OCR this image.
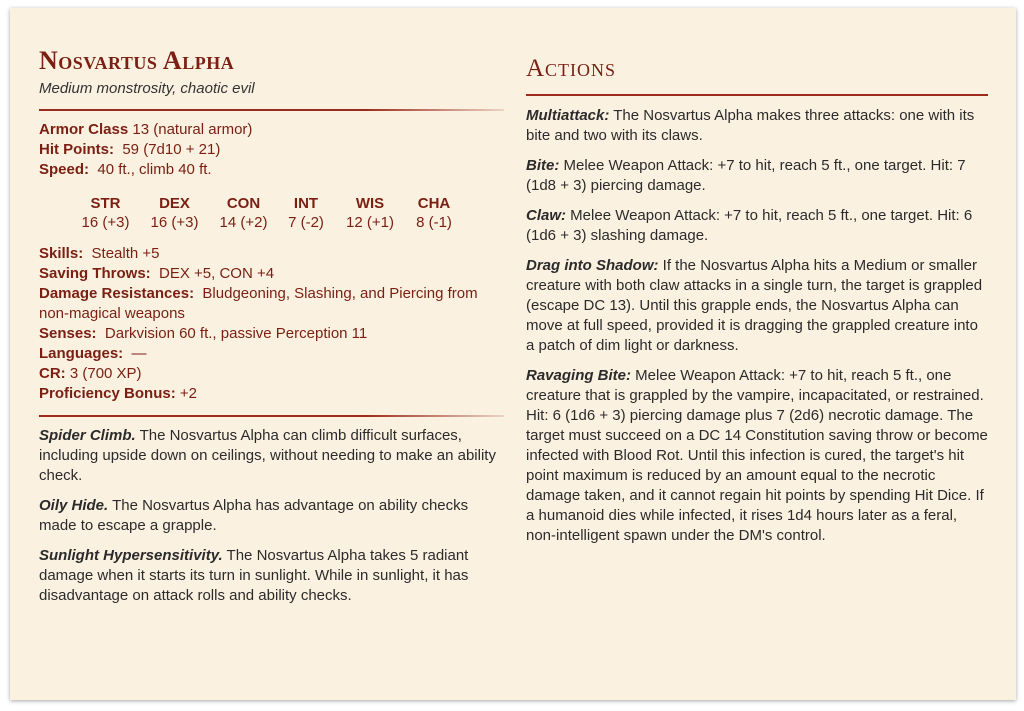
Nosvartus Alpha
Medium monstrosity, chaotic evil
Armor Class 13 (natural armor)
Hit Points: 59 (7d10 + 21)
Speed: 40 ft., climb 40 ft.
STR
16 (+3)
DEX
16 (+3)
CON
14 (+2)
INT
7 (-2)
WIS
12 (+1)
CHA
8 (-1)
Skills: Stealth +5
Saving Throws: DEX +5, CON +4
Damage Resistances: Bludgeoning, Slashing, and Piercing from non-magical weapons
Senses: Darkvision 60 ft., passive Perception 11
Languages: —
CR: 3 (700 XP)
Proficiency Bonus: +2
Spider Climb. The Nosvartus Alpha can climb difficult surfaces, including upside down on ceilings, without needing to make an ability check.
Oily Hide. The Nosvartus Alpha has advantage on ability checks made to escape a grapple.
Sunlight Hypersensitivity. The Nosvartus Alpha takes 5 radiant damage when it starts its turn in sunlight. While in sunlight, it has disadvantage on attack rolls and ability checks.
Actions
Multiattack: The Nosvartus Alpha makes three attacks: one with its bite and two with its claws.
Bite: Melee Weapon Attack: +7 to hit, reach 5 ft., one target. Hit: 7 (1d8 + 3) piercing damage.
Claw: Melee Weapon Attack: +7 to hit, reach 5 ft., one target. Hit: 6 (1d6 + 3) slashing damage.
Drag into Shadow: If the Nosvartus Alpha hits a Medium or smaller creature with both claw attacks in a single turn, the target is grappled (escape DC 13). Until this grapple ends, the Nosvartus Alpha can move at full speed, provided it is dragging the grappled creature into a patch of dim light or darkness.
Ravaging Bite: Melee Weapon Attack: +7 to hit, reach 5 ft., one creature that is grappled by the vampire, incapacitated, or restrained. Hit: 6 (1d6 + 3) piercing damage plus 7 (2d6) necrotic damage. The target must succeed on a DC 14 Constitution saving throw or become infected with Blood Rot. Until this infection is cured, the target's hit point maximum is reduced by an amount equal to the necrotic damage taken, and it cannot regain hit points by spending Hit Dice. If a humanoid dies while infected, it rises 1d4 hours later as a feral, non-intelligent spawn under the DM's control.
